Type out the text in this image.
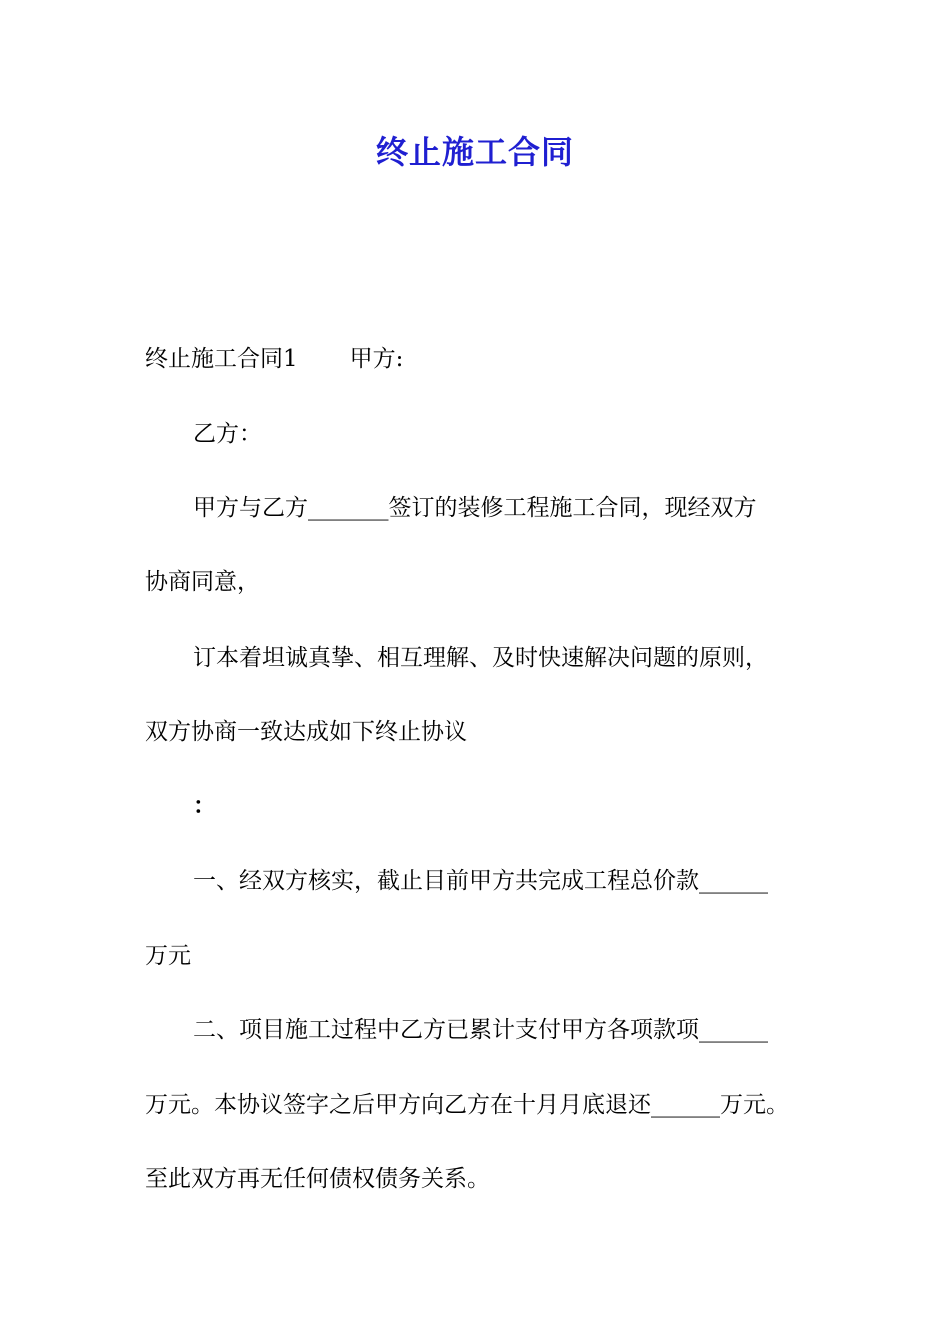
终止施工合同

终止施工合同1 甲方:

乙方：

甲方与乙方_______签订的装修工程施工合同，现经双方

协商同意，

订本着坦诚真挚、相互理解、及时快速解决问题的原则，

双方协商一致达成如下终止协议

：

一、经双方核实，截止目前甲方共完成工程总价款______

万元

二、项目施工过程中乙方已累计支付甲方各项款项______

万元。本协议签字之后甲方向乙方在十月月底退还______万元。

至此双方再无任何债权债务关系。
